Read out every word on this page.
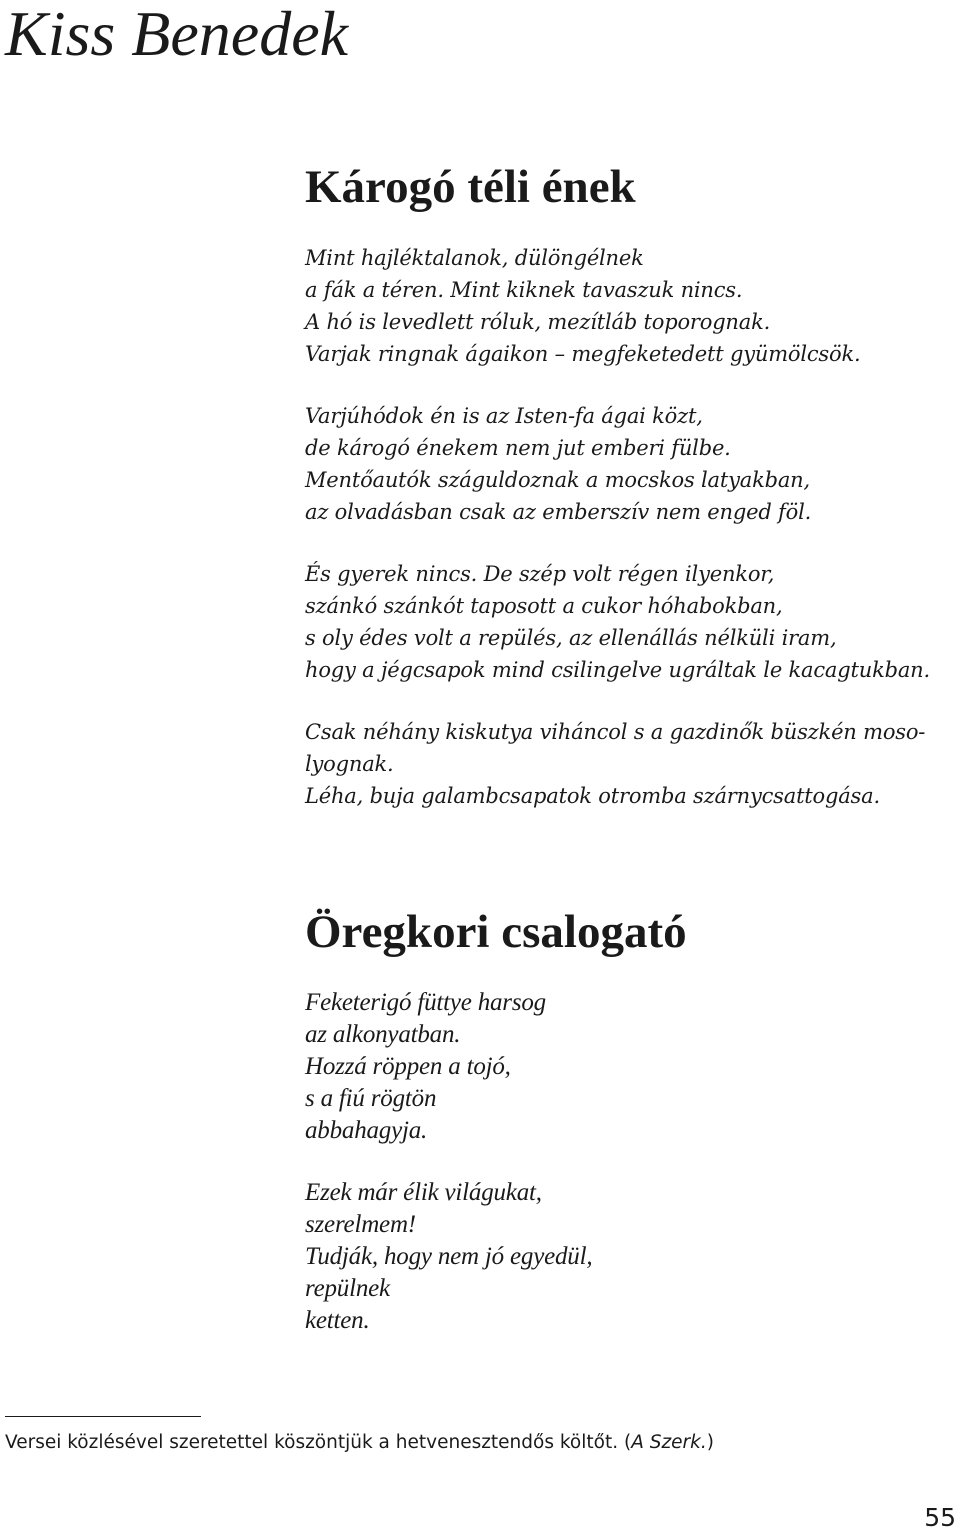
Kiss Benedek
Károgó téli ének

Mint hajléktalanok, dülöngélnek
a fák a téren. Mint kiknek tavaszuk nincs.
A hó is levedlett róluk, mezítláb toporognak.
Varjak ringnak ágaikon – megfeketedett gyümölcsök.

Varjúhódok én is az Isten-fa ágai közt,
de károgó énekem nem jut emberi fülbe.
Mentőautók száguldoznak a mocskos latyakban,
az olvadásban csak az emberszív nem enged föl.

És gyerek nincs. De szép volt régen ilyenkor,
szánkó szánkót taposott a cukor hóhabokban,
s oly édes volt a repülés, az ellenállás nélküli iram,
hogy a jégcsapok mind csilingelve ugráltak le kacagtukban.

Csak néhány kiskutya viháncol s a gazdinők büszkén moso-
lyognak.
Léha, buja galambcsapatok otromba szárnycsattogása.

Öregkori csalogató

Feketerigó füttye harsog
az alkonyatban.
Hozzá röppen a tojó,
s a fiú rögtön
abbahagyja.

Ezek már élik világukat,
szerelmem!
Tudják, hogy nem jó egyedül,
repülnek
ketten.

Versei közlésével szeretettel köszöntjük a hetvenesztendős költőt. (A Szerk.)

55
